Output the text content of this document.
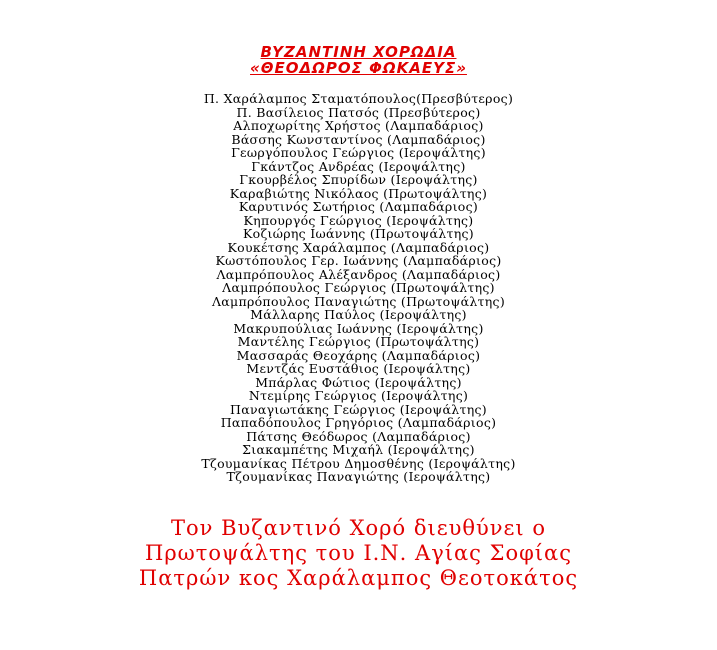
BYZANTINH XOPΩΔIA
«ΘΕΟΔΩΡΟΣ ΦΩΚΑΕΥΣ»
Π. Χαράλαμπος Σταματόπουλος(Πρεσβύτερος)
Π. Βασίλειος Πατσός (Πρεσβύτερος)
Αλποχωρίτης Χρήστος (Λαμπαδάριος)
Βάσσης Κωνσταντίνος (Λαμπαδάριος)
Γεωργόπουλος Γεώργιος (Ιεροψάλτης)
Γκάντζος Ανδρέας (Ιεροψάλτης)
Γκουρβέλος Σπυρίδων (Ιεροψάλτης)
Καραβιώτης Νικόλαος (Πρωτοψάλτης)
Καρυτινός Σωτήριος (Λαμπαδάριος)
Κηπουργός Γεώργιος (Ιεροψάλτης)
Κοζιώρης Ιωάννης (Πρωτοψάλτης)
Κουκέτσης Χαράλαμπος (Λαμπαδάριος)
Κωστόπουλος Γερ. Ιωάννης (Λαμπαδάριος)
Λαμπρόπουλος Αλέξανδρος (Λαμπαδάριος)
Λαμπρόπουλος Γεώργιος (Πρωτοψάλτης)
Λαμπρόπουλος Παναγιώτης (Πρωτοψάλτης)
Μάλλαρης Παύλος (Ιεροψάλτης)
Μακρυπούλιας Ιωάννης (Ιεροψάλτης)
Μαντέλης Γεώργιος (Πρωτοψάλτης)
Μασσαράς Θεοχάρης (Λαμπαδάριος)
Μεντζάς Ευστάθιος (Ιεροψάλτης)
Μπάρλας Φώτιος (Ιεροψάλτης)
Ντεμίρης Γεώργιος (Ιεροψάλτης)
Παναγιωτάκης Γεώργιος (Ιεροψάλτης)
Παπαδόπουλος Γρηγόριος (Λαμπαδάριος)
Πάτσης Θεόδωρος (Λαμπαδάριος)
Σιακαμπέτης Μιχαήλ (Ιεροψάλτης)
Τζουμανίκας Πέτρου Δημοσθένης (Ιεροψάλτης)
Τζουμανίκας Παναγιώτης (Ιεροψάλτης)

Τον Βυζαντινό Χορό διευθύνει ο

Πρωτοψάλτης του Ι.Ν. Αγίας Σοφίας

Πατρών κος Χαράλαμπος Θεοτοκάτος
